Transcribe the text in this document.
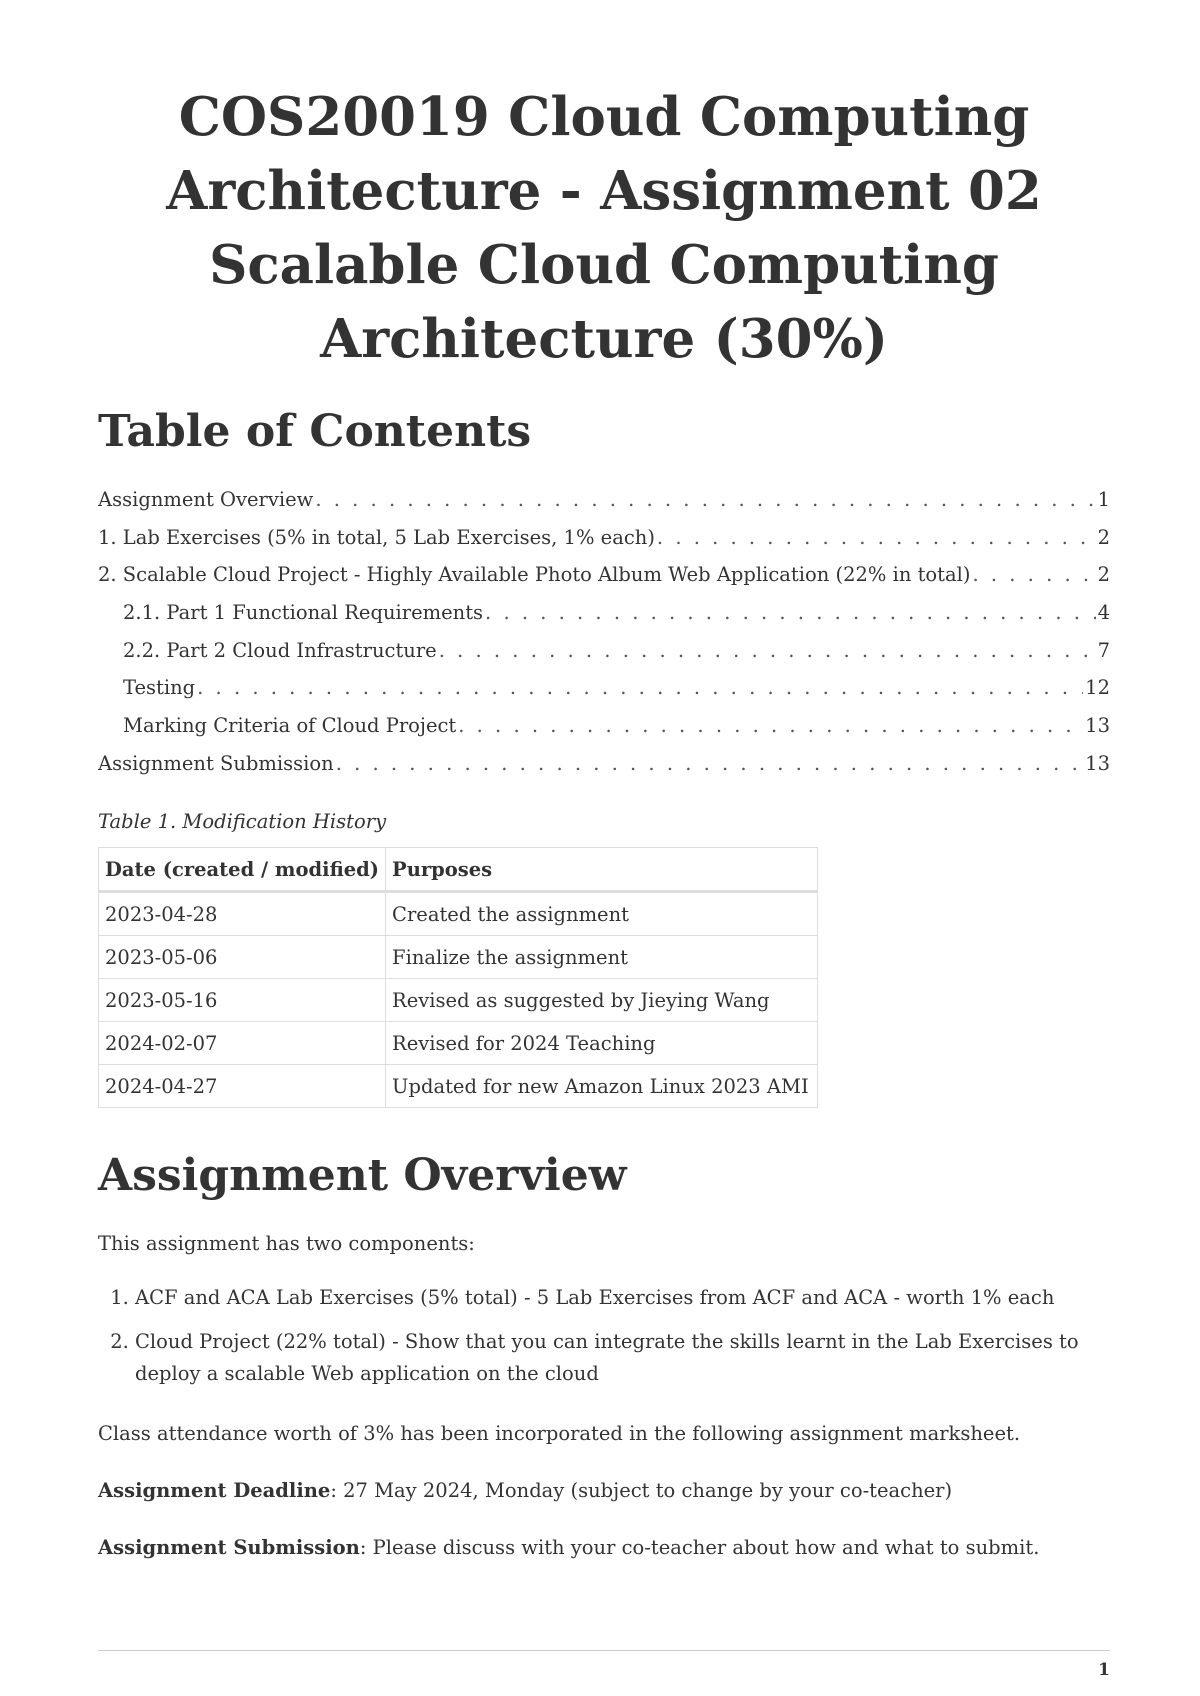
COS20019 Cloud Computing
Architecture - Assignment 02
Scalable Cloud Computing
Architecture (30%)
Table of Contents
Assignment Overview . . .	1
1. Lab Exercises (5% in total, 5 Lab Exercises, 1% each) . . .	2
2. Scalable Cloud Project - Highly Available Photo Album Web Application (22% in total) . . .	2
2.1. Part 1 Functional Requirements . . .	4
2.2. Part 2 Cloud Infrastructure . . .	7
Testing . . .	12
Marking Criteria of Cloud Project . . .	13
Assignment Submission . . .	13
Table 1. Modification History
Date (created / modified)	Purposes
2023-04-28	Created the assignment
2023-05-06	Finalize the assignment
2023-05-16	Revised as suggested by Jieying Wang
2024-02-07	Revised for 2024 Teaching
2024-04-27	Updated for new Amazon Linux 2023 AMI
Assignment Overview

This assignment has two components:

1. ACF and ACA Lab Exercises (5% total) - 5 Lab Exercises from ACF and ACA - worth 1% each
2. Cloud Project (22% total) - Show that you can integrate the skills learnt in the Lab Exercises to deploy a scalable Web application on the cloud

Class attendance worth of 3% has been incorporated in the following assignment marksheet.

Assignment Deadline: 27 May 2024, Monday (subject to change by your co-teacher)

Assignment Submission: Please discuss with your co-teacher about how and what to submit.

1
